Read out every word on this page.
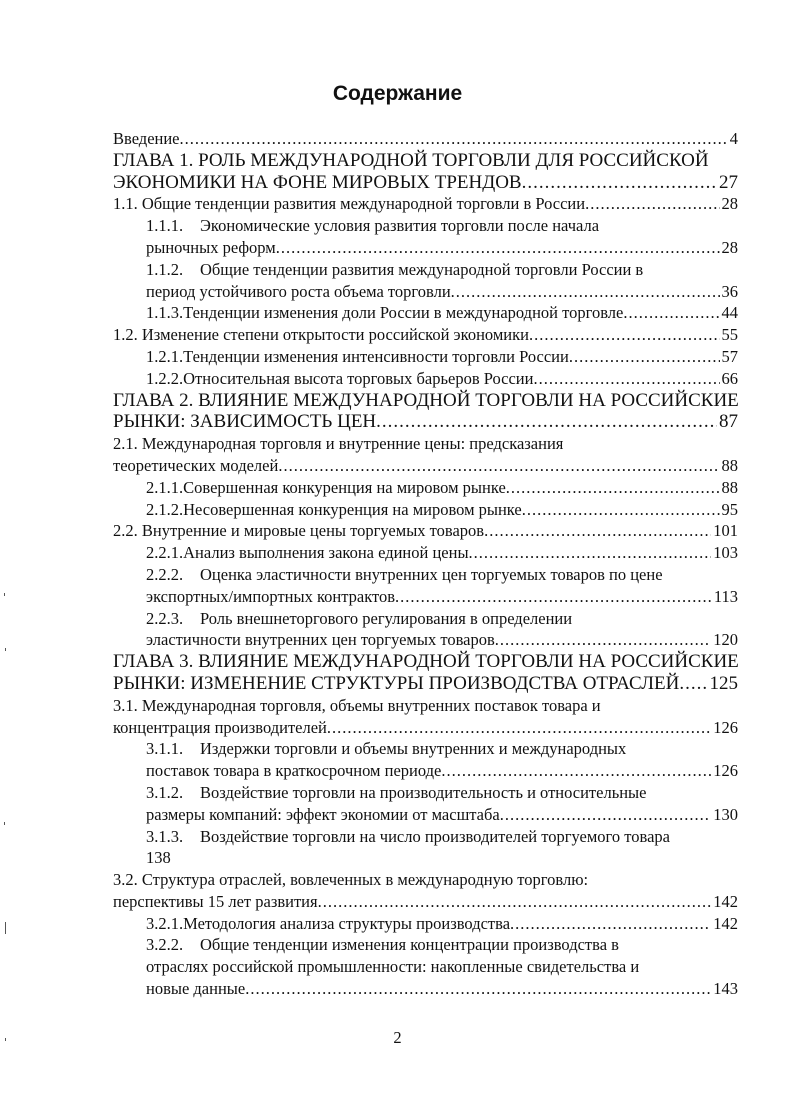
Содержание
Введение .....	4
ГЛАВА 1. РОЛЬ МЕЖДУНАРОДНОЙ ТОРГОВЛИ ДЛЯ РОССИЙСКОЙ
ЭКОНОМИКИ НА ФОНЕ МИРОВЫХ ТРЕНДОВ .....	27
1.1. Общие тенденции развития международной торговли в России .....	28
1.1.1.	Экономические условия развития торговли после начала
рыночных реформ .....	28
1.1.2.	Общие тенденции развития международной торговли России в
период устойчивого роста объема торговли .....	36
1.1.3. Тенденции изменения доли России в международной торговле .....	44
1.2. Изменение степени открытости российской экономики .....	55
1.2.1. Тенденции изменения интенсивности торговли России .....	57
1.2.2. Относительная высота торговых барьеров России .....	66
ГЛАВА 2. ВЛИЯНИЕ МЕЖДУНАРОДНОЙ ТОРГОВЛИ НА РОССИЙСКИЕ
РЫНКИ: ЗАВИСИМОСТЬ ЦЕН .....	87
2.1. Международная торговля и внутренние цены: предсказания
теоретических моделей .....	88
2.1.1. Совершенная конкуренция на мировом рынке .....	88
2.1.2. Несовершенная конкуренция на мировом рынке .....	95
2.2. Внутренние и мировые цены торгуемых товаров .....	101
2.2.1. Анализ выполнения закона единой цены .....	103
2.2.2.	Оценка эластичности внутренних цен торгуемых товаров по цене
экспортных/импортных контрактов .....	113
2.2.3.	Роль внешнеторгового регулирования в определении
эластичности внутренних цен торгуемых товаров .....	120
ГЛАВА 3. ВЛИЯНИЕ МЕЖДУНАРОДНОЙ ТОРГОВЛИ НА РОССИЙСКИЕ
РЫНКИ: ИЗМЕНЕНИЕ СТРУКТУРЫ ПРОИЗВОДСТВА ОТРАСЛЕЙ ..... 125
3.1. Международная торговля, объемы внутренних поставок товара и
концентрация производителей .....	126
3.1.1.	Издержки торговли и объемы внутренних и международных
поставок товара в краткосрочном периоде .....	126
3.1.2.	Воздействие торговли на производительность и относительные
размеры компаний: эффект экономии от масштаба .....	130
3.1.3.	Воздействие торговли на число производителей торгуемого товара
138
3.2. Структура отраслей, вовлеченных в международную торговлю:
перспективы 15 лет развития .....	142
3.2.1. Методология анализа структуры производства .....	142
3.2.2.	Общие тенденции изменения концентрации производства в
отраслях российской промышленности: накопленные свидетельства и
новые данные .....	143
2
